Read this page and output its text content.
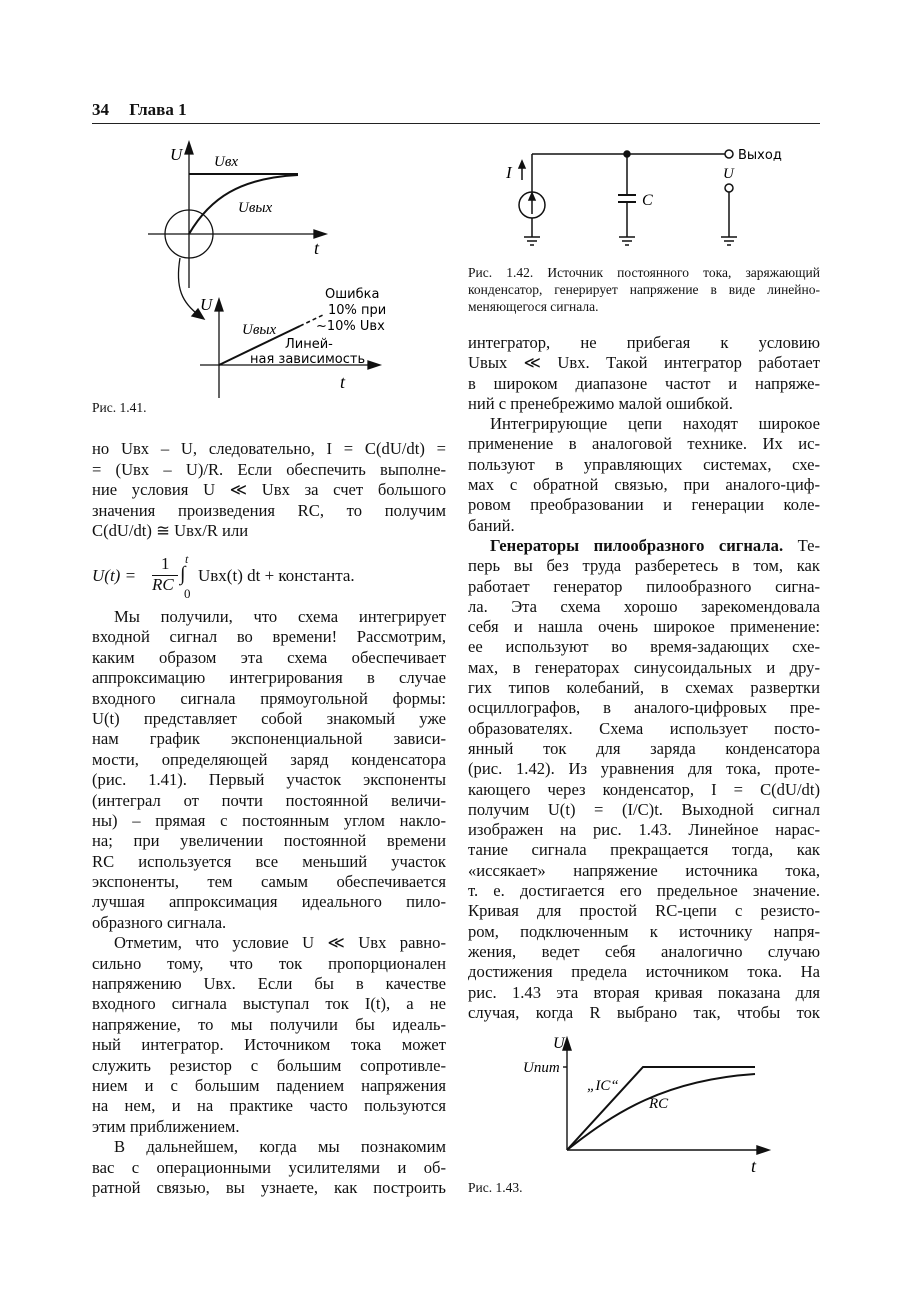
34 Глава 1
U Uвх
Uвых
t
U
Uвых
t
Ошибка
10% при
~10% Uвх
Линей-
ная зависимость
Рис. 1.41.
I
C
Выход
U
Рис. 1.42. Источник постоянного тока, заряжающий
конденсатор, генерирует напряжение в виде линейно-
меняющегося сигнала.
но Uвх – U, следовательно, I = C(dU/dt) =
= (Uвх – U)/R. Если обеспечить выполне-
ние условия U ≪ Uвх за счет большого
значения произведения RC, то получим
C(dU/dt) ≅ Uвх/R или
U(t) =
1
RC
t
∫
0
Uвх(t) dt + константа.
Мы получили, что схема интегрирует
входной сигнал во времени! Рассмотрим,
каким образом эта схема обеспечивает
аппроксимацию интегрирования в случае
входного сигнала прямоугольной формы:
U(t) представляет собой знакомый уже
нам график экспоненциальной зависи-
мости, определяющей заряд конденсатора
(рис. 1.41). Первый участок экспоненты
(интеграл от почти постоянной величи-
ны) – прямая с постоянным углом накло-
на; при увеличении постоянной времени
RC используется все меньший участок
экспоненты, тем самым обеспечивается
лучшая аппроксимация идеального пило-
образного сигнала.
Отметим, что условие U ≪ Uвх равно-
сильно тому, что ток пропорционален
напряжению Uвх. Если бы в качестве
входного сигнала выступал ток I(t), а не
напряжение, то мы получили бы идеаль-
ный интегратор. Источником тока может
служить резистор с большим сопротивле-
нием и с большим падением напряжения
на нем, и на практике часто пользуются
этим приближением.
В дальнейшем, когда мы познакомим
вас с операционными усилителями и об-
ратной связью, вы узнаете, как построить
интегратор, не прибегая к условию
Uвых ≪ Uвх. Такой интегратор работает
в широком диапазоне частот и напряже-
ний с пренебрежимо малой ошибкой.
Интегрирующие цепи находят широкое
применение в аналоговой технике. Их ис-
пользуют в управляющих системах, схе-
мах с обратной связью, при аналого-циф-
ровом преобразовании и генерации коле-
баний.
Генераторы пилообразного сигнала. Те-
перь вы без труда разберетесь в том, как
работает генератор пилообразного сигна-
ла. Эта схема хорошо зарекомендовала
себя и нашла очень широкое применение:
ее используют во время-задающих схе-
мах, в генераторах синусоидальных и дру-
гих типов колебаний, в схемах развертки
осциллографов, в аналого-цифровых пре-
образователях. Схема использует посто-
янный ток для заряда конденсатора
(рис. 1.42). Из уравнения для тока, проте-
кающего через конденсатор, I = C(dU/dt)
получим U(t) = (I/C)t. Выходной сигнал
изображен на рис. 1.43. Линейное нарас-
тание сигнала прекращается тогда, как
«иссякает» напряжение источника тока,
т. е. достигается его предельное значение.
Кривая для простой RC-цепи с резисто-
ром, подключенным к источнику напря-
жения, ведет себя аналогично случаю
достижения предела источником тока. На
рис. 1.43 эта вторая кривая показана для
случая, когда R выбрано так, чтобы ток
U
Uпит
„IC“
RC
t
Рис. 1.43.
